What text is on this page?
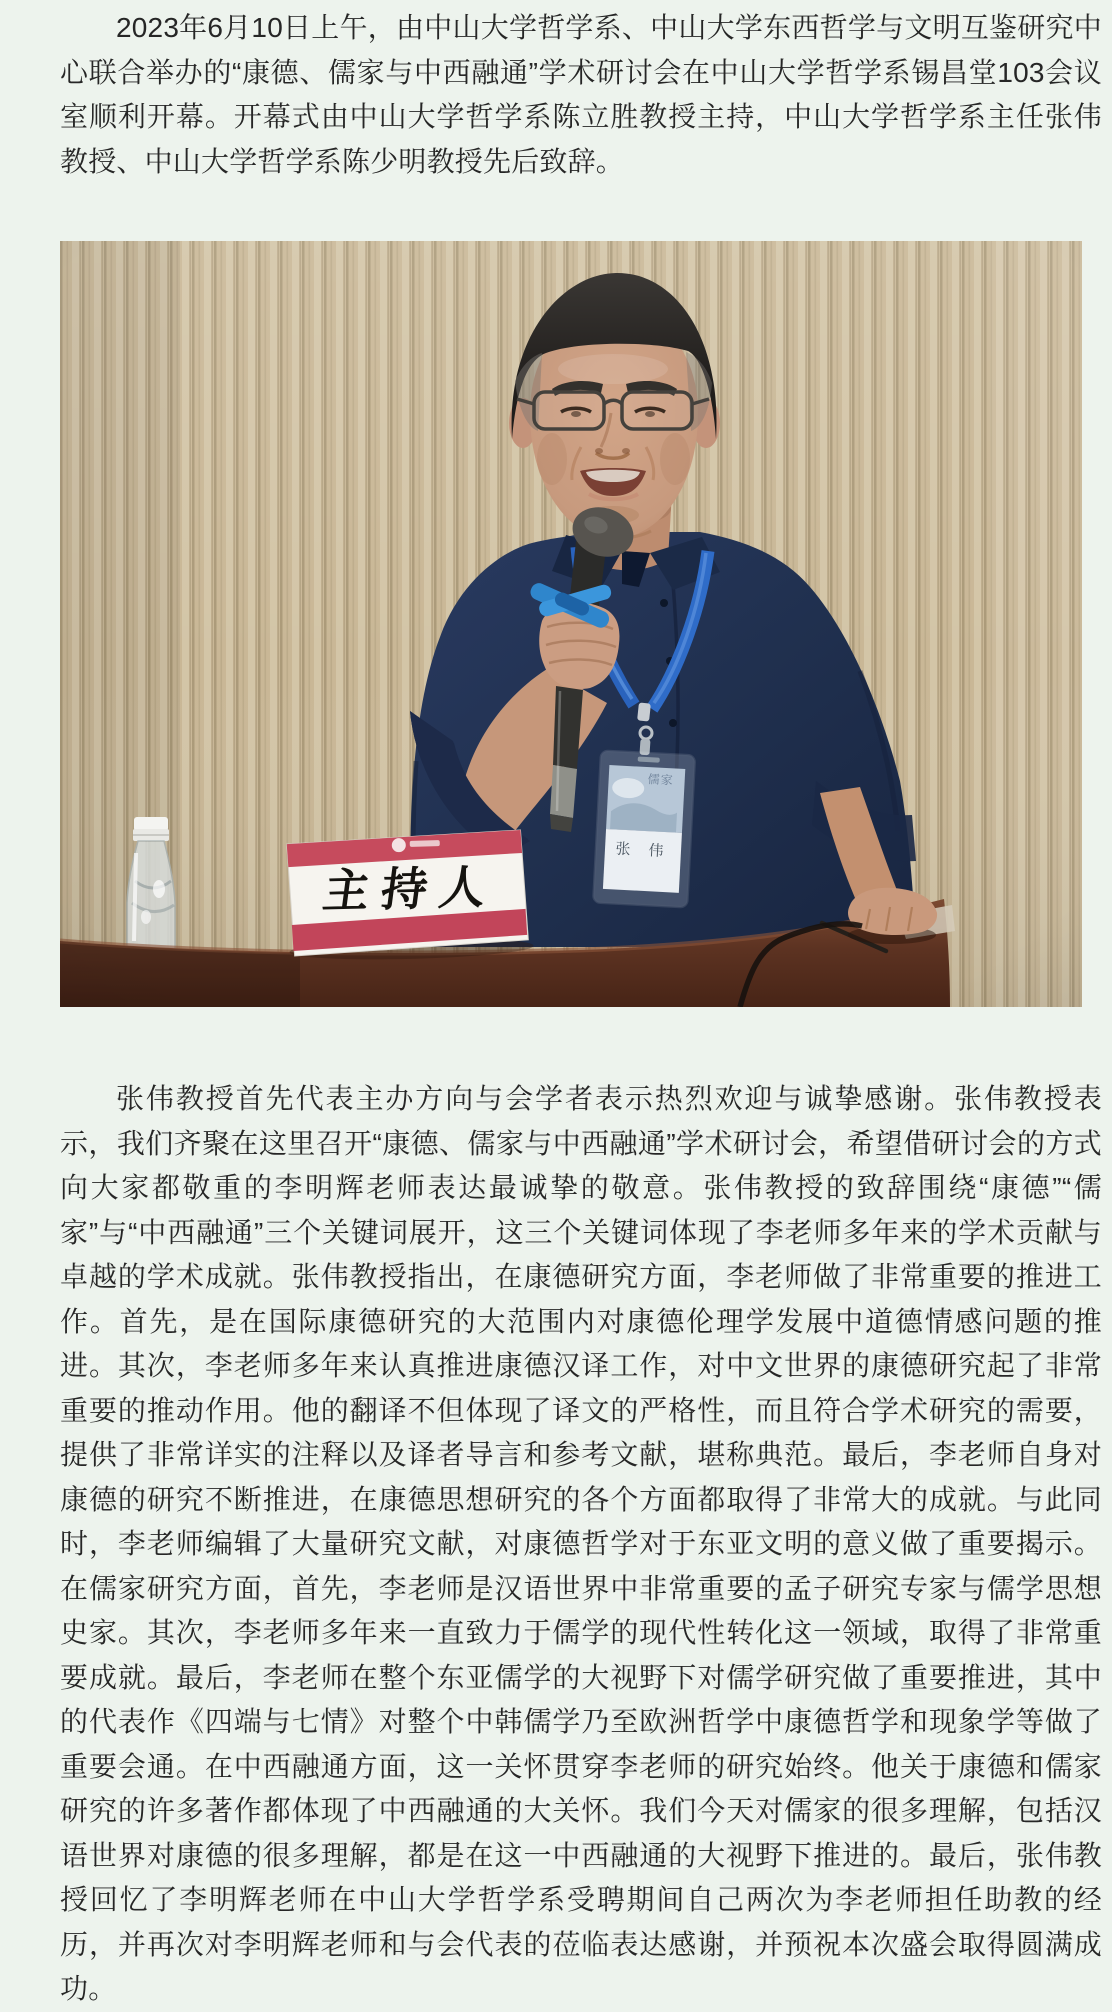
2023年6月10日上午，由中山大学哲学系、中山大学东西哲学与文明互鉴研究中心联合举办的“康德、儒家与中西融通”学术研讨会在中山大学哲学系锡昌堂103会议室顺利开幕。开幕式由中山大学哲学系陈立胜教授主持，中山大学哲学系主任张伟教授、中山大学哲学系陈少明教授先后致辞。

张伟教授首先代表主办方向与会学者表示热烈欢迎与诚挚感谢。张伟教授表示，我们齐聚在这里召开“康德、儒家与中西融通”学术研讨会，希望借研讨会的方式向大家都敬重的李明辉老师表达最诚挚的敬意。张伟教授的致辞围绕“康德”“儒家”与“中西融通”三个关键词展开，这三个关键词体现了李老师多年来的学术贡献与卓越的学术成就。张伟教授指出，在康德研究方面，李老师做了非常重要的推进工作。首先，是在国际康德研究的大范围内对康德伦理学发展中道德情感问题的推进。其次，李老师多年来认真推进康德汉译工作，对中文世界的康德研究起了非常重要的推动作用。他的翻译不但体现了译文的严格性，而且符合学术研究的需要，提供了非常详实的注释以及译者导言和参考文献，堪称典范。最后，李老师自身对康德的研究不断推进，在康德思想研究的各个方面都取得了非常大的成就。与此同时，李老师编辑了大量研究文献，对康德哲学对于东亚文明的意义做了重要揭示。在儒家研究方面，首先，李老师是汉语世界中非常重要的孟子研究专家与儒学思想史家。其次，李老师多年来一直致力于儒学的现代性转化这一领域，取得了非常重要成就。最后，李老师在整个东亚儒学的大视野下对儒学研究做了重要推进，其中的代表作《四端与七情》对整个中韩儒学乃至欧洲哲学中康德哲学和现象学等做了重要会通。在中西融通方面，这一关怀贯穿李老师的研究始终。他关于康德和儒家研究的许多著作都体现了中西融通的大关怀。我们今天对儒家的很多理解，包括汉语世界对康德的很多理解，都是在这一中西融通的大视野下推进的。最后，张伟教授回忆了李明辉老师在中山大学哲学系受聘期间自己两次为李老师担任助教的经历，并再次对李明辉老师和与会代表的莅临表达感谢，并预祝本次盛会取得圆满成功。
